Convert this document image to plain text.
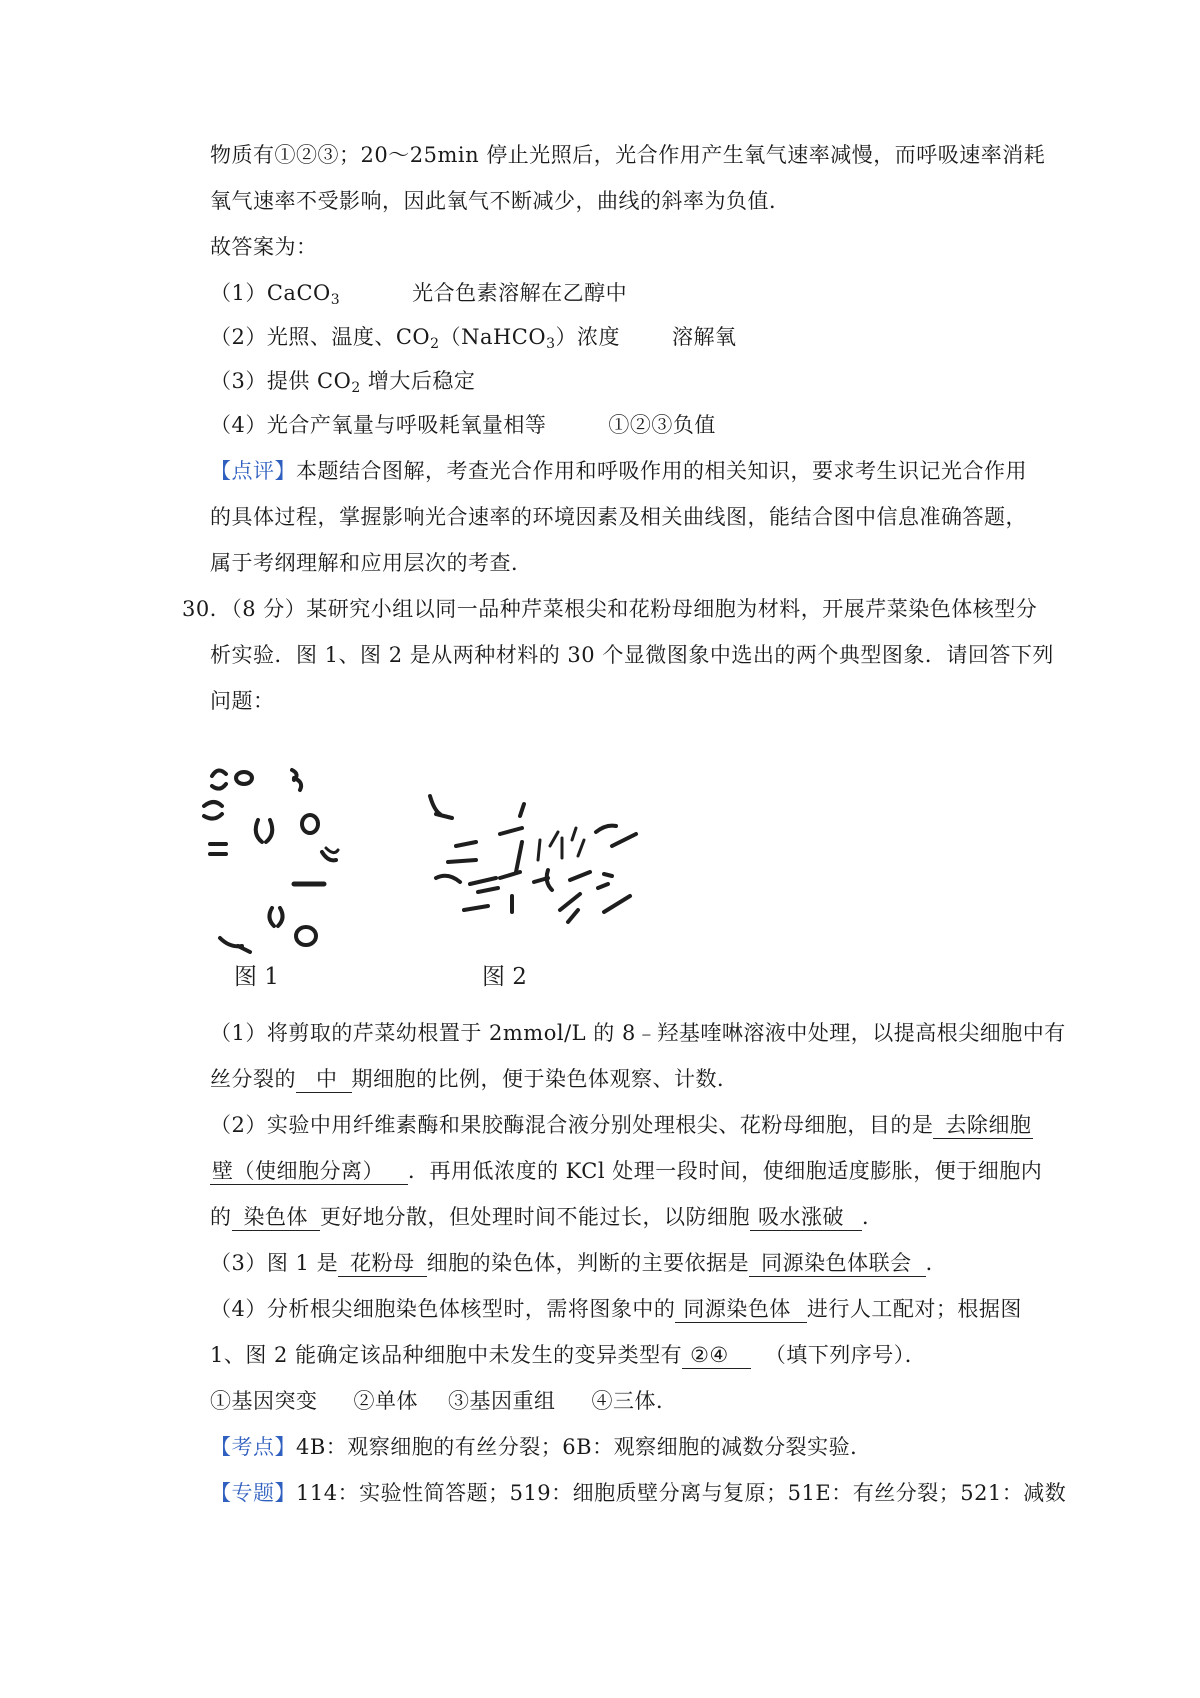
物质有①②③；20～25min 停止光照后，光合作用产生氧气速率减慢，而呼吸速率消耗
氧气速率不受影响，因此氧气不断减少，曲线的斜率为负值．
故答案为：
（1）CaCO$_3$	光合色素溶解在乙醇中
（2）光照、温度、$CO_2(NaHCO_3)$浓度 溶解氧
（3）提供 $CO_2$ 增大后稳定
（4）光合产氧量与呼吸耗氧量相等	①②③负值
【点评】本题结合图解，考查光合作用和呼吸作用的相关知识，要求考生识记光合作用
的具体过程，掌握影响光合速率的环境因素及相关曲线图，能结合图中信息准确答题，
属于考纲理解和应用层次的考查．
30．（8 分）某研究小组以同一品种芹菜根尖和花粉母细胞为材料，开展芹菜染色体核型分
析实验．图 1、图 2 是从两种材料的 30 个显微图象中选出的两个典型图象．请回答下列
问题：
图 1	图 2
（1）将剪取的芹菜幼根置于 2mmol/L 的 8﹣羟基喹啉溶液中处理，以提高根尖细胞中有
丝分裂的 中 期细胞的比例，便于染色体观察、计数．
（2）实验中用纤维素酶和果胶酶混合液分别处理根尖、花粉母细胞，目的是 去除细胞
壁（使细胞分离） ．再用低浓度的 KCl 处理一段时间，使细胞适度膨胀，便于细胞内
的 染色体 更好地分散，但处理时间不能过长，以防细胞 吸水涨破 ．
（3）图 1 是 花粉母 细胞的染色体，判断的主要依据是 同源染色体联会 ．
（4）分析根尖细胞染色体核型时，需将图象中的 同源染色体 进行人工配对；根据图
1、图 2 能确定该品种细胞中未发生的变异类型有 ②④ （填下列序号）．
①基因突变 ②单体 ③基因重组 ④三体．
【考点】4B：观察细胞的有丝分裂；6B：观察细胞的减数分裂实验．
【专题】114：实验性简答题；519：细胞质壁分离与复原；51E：有丝分裂；521：减数
